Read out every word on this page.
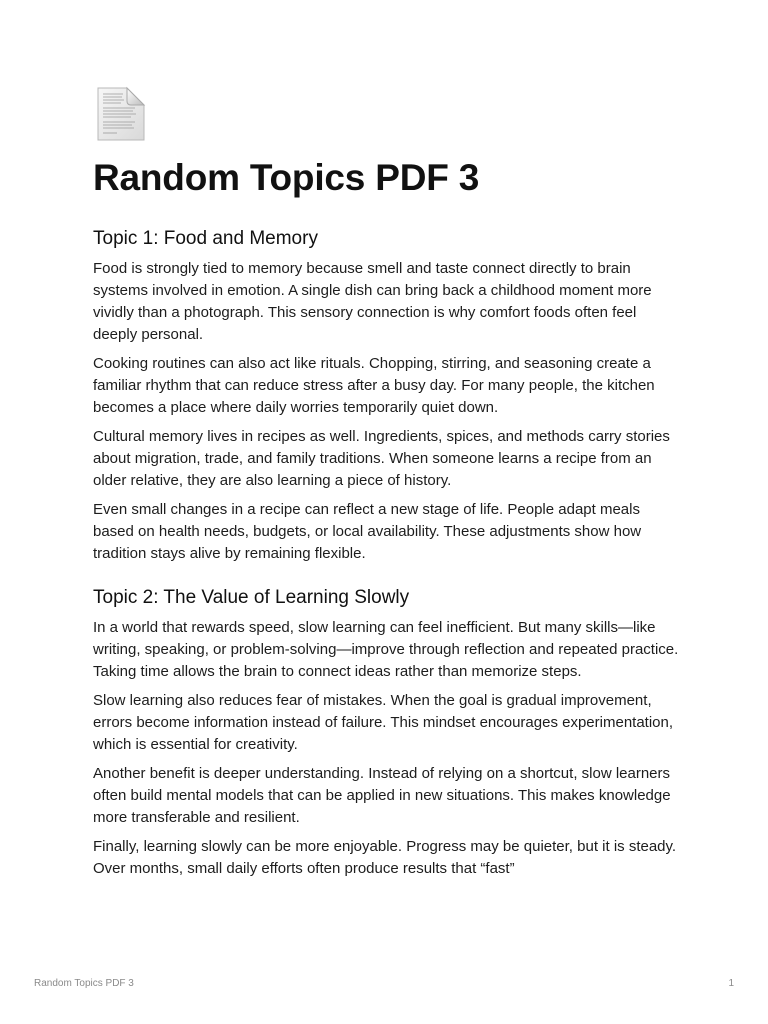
Random Topics PDF 3
Topic 1: Food and Memory

Food is strongly tied to memory because smell and taste connect directly to brain systems involved in emotion. A single dish can bring back a childhood moment more vividly than a photograph. This sensory connection is why comfort foods often feel deeply personal.

Cooking routines can also act like rituals. Chopping, stirring, and seasoning create a familiar rhythm that can reduce stress after a busy day. For many people, the kitchen becomes a place where daily worries temporarily quiet down.

Cultural memory lives in recipes as well. Ingredients, spices, and methods carry stories about migration, trade, and family traditions. When someone learns a recipe from an older relative, they are also learning a piece of history.

Even small changes in a recipe can reflect a new stage of life. People adapt meals based on health needs, budgets, or local availability. These adjustments show how tradition stays alive by remaining flexible.

Topic 2: The Value of Learning Slowly

In a world that rewards speed, slow learning can feel inefficient. But many skills—like writing, speaking, or problem-solving—improve through reflection and repeated practice. Taking time allows the brain to connect ideas rather than memorize steps.

Slow learning also reduces fear of mistakes. When the goal is gradual improvement, errors become information instead of failure. This mindset encourages experimentation, which is essential for creativity.

Another benefit is deeper understanding. Instead of relying on a shortcut, slow learners often build mental models that can be applied in new situations. This makes knowledge more transferable and resilient.

Finally, learning slowly can be more enjoyable. Progress may be quieter, but it is steady. Over months, small daily efforts often produce results that “fast”

Random Topics PDF 3	1
